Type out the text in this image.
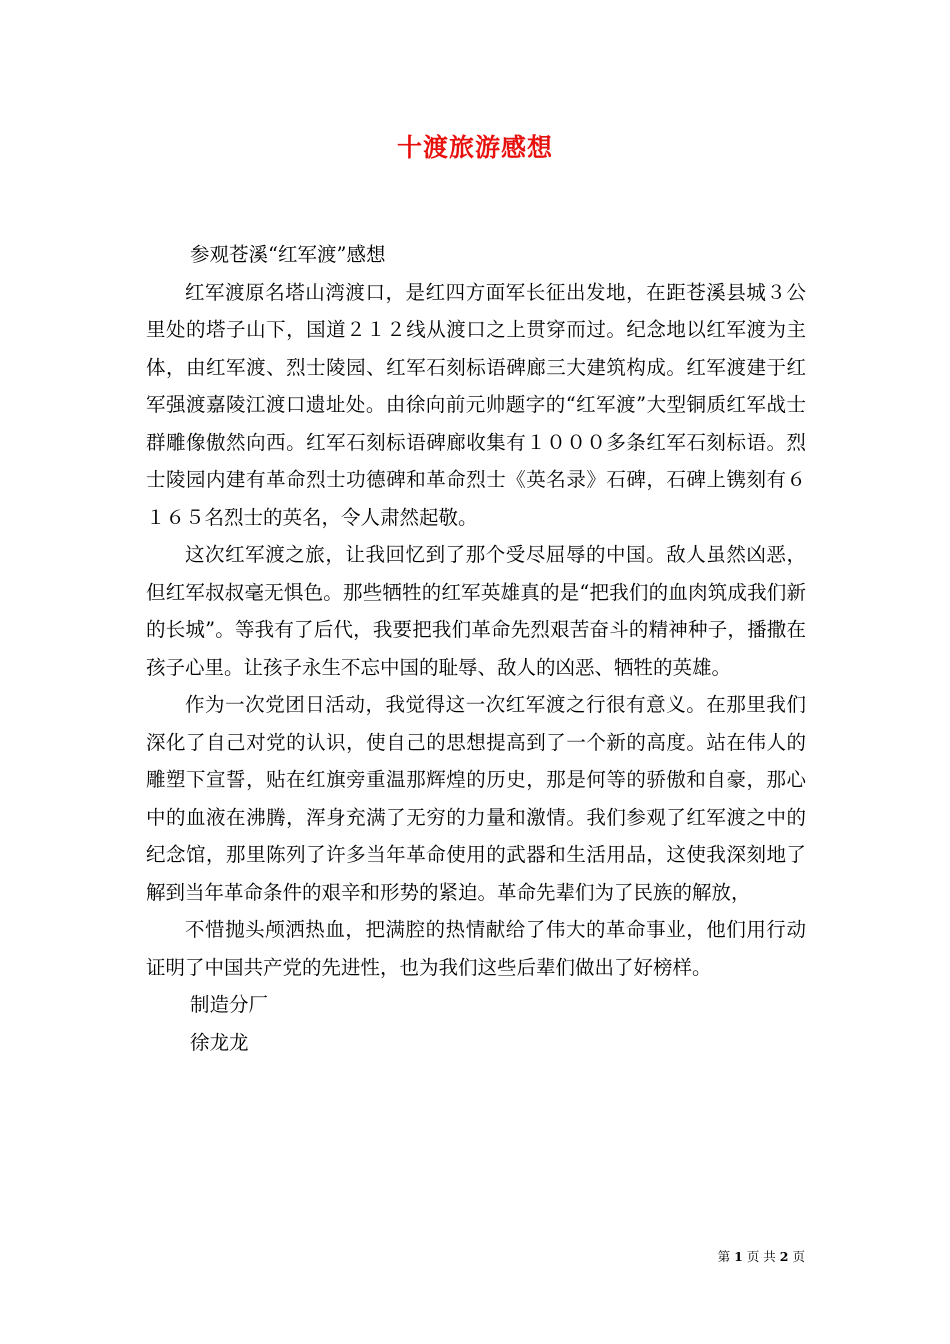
十渡旅游感想

参观苍溪“红军渡”感想

红军渡原名塔山湾渡口，是红四方面军长征出发地，在距苍溪县城３公里处的塔子山下，国道２１２线从渡口之上贯穿而过。纪念地以红军渡为主体，由红军渡、烈士陵园、红军石刻标语碑廊三大建筑构成。红军渡建于红军强渡嘉陵江渡口遗址处。由徐向前元帅题字的“红军渡”大型铜质红军战士群雕像傲然向西。红军石刻标语碑廊收集有１０００多条红军石刻标语。烈士陵园内建有革命烈士功德碑和革命烈士《英名录》石碑，石碑上镌刻有６１６５名烈士的英名，令人肃然起敬。

这次红军渡之旅，让我回忆到了那个受尽屈辱的中国。敌人虽然凶恶，但红军叔叔毫无惧色。那些牺牲的红军英雄真的是“把我们的血肉筑成我们新的长城”。等我有了后代，我要把我们革命先烈艰苦奋斗的精神种子，播撒在孩子心里。让孩子永生不忘中国的耻辱、敌人的凶恶、牺牲的英雄。

作为一次党团日活动，我觉得这一次红军渡之行很有意义。在那里我们深化了自己对党的认识，使自己的思想提高到了一个新的高度。站在伟人的雕塑下宣誓，贴在红旗旁重温那辉煌的历史，那是何等的骄傲和自豪，那心中的血液在沸腾，浑身充满了无穷的力量和激情。我们参观了红军渡之中的纪念馆，那里陈列了许多当年革命使用的武器和生活用品，这使我深刻地了解到当年革命条件的艰辛和形势的紧迫。革命先辈们为了民族的解放，

不惜抛头颅洒热血，把满腔的热情献给了伟大的革命事业，他们用行动证明了中国共产党的先进性，也为我们这些后辈们做出了好榜样。

制造分厂

徐龙龙

第 1 页 共 2 页
